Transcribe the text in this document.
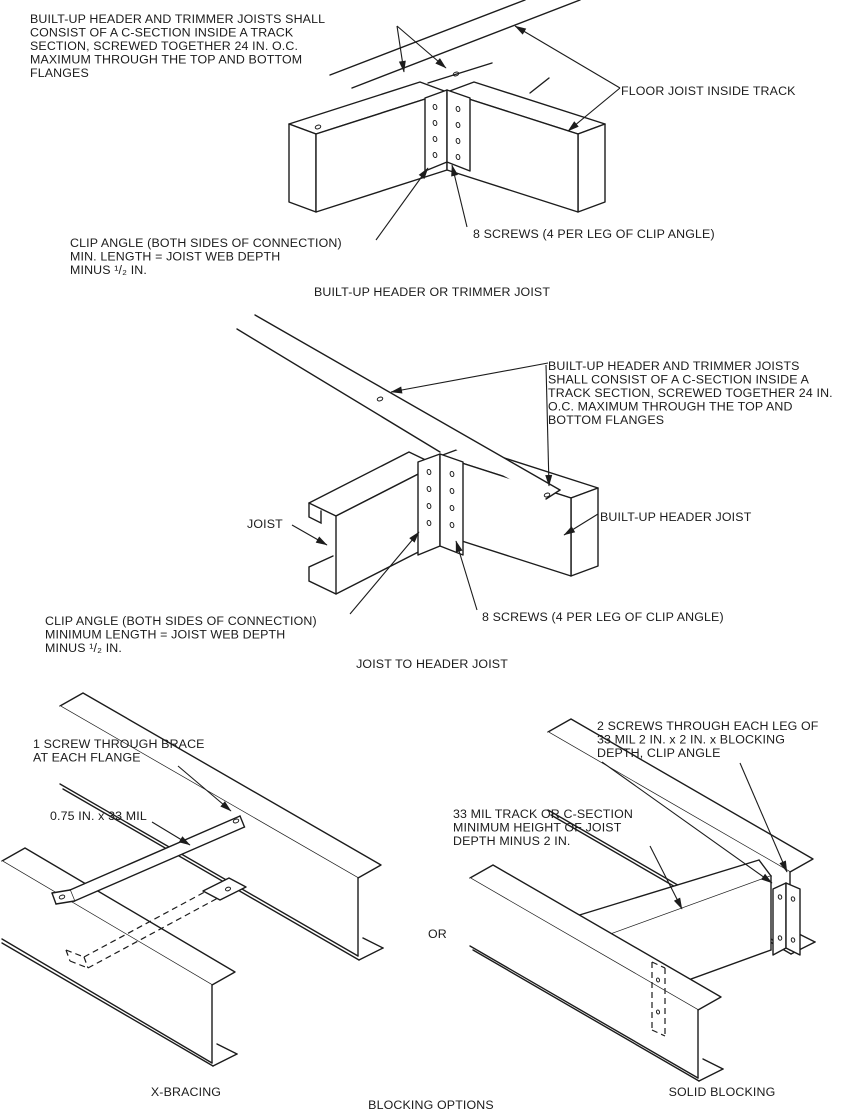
BUILT-UP HEADER AND TRIMMER JOISTS SHALL
CONSIST OF A C-SECTION INSIDE A TRACK
SECTION, SCREWED TOGETHER 24 IN. O.C.
MAXIMUM THROUGH THE TOP AND BOTTOM
FLANGES
FLOOR JOIST INSIDE TRACK
CLIP ANGLE (BOTH SIDES OF CONNECTION)
MIN. LENGTH = JOIST WEB DEPTH
MINUS ¹/₂ IN.
8 SCREWS (4 PER LEG OF CLIP ANGLE)
BUILT-UP HEADER OR TRIMMER JOIST
BUILT-UP HEADER AND TRIMMER JOISTS
SHALL CONSIST OF A C-SECTION INSIDE A
TRACK SECTION, SCREWED TOGETHER 24 IN.
O.C. MAXIMUM THROUGH THE TOP AND
BOTTOM FLANGES
JOIST	BUILT-UP HEADER JOIST
CLIP ANGLE (BOTH SIDES OF CONNECTION)
MINIMUM LENGTH = JOIST WEB DEPTH
MINUS ¹/₂ IN.
8 SCREWS (4 PER LEG OF CLIP ANGLE)
JOIST TO HEADER JOIST
1 SCREW THROUGH BRACE
AT EACH FLANGE
0.75 IN. x 33 MIL
X-BRACING
2 SCREWS THROUGH EACH LEG OF
33 MIL 2 IN. x 2 IN. x BLOCKING
DEPTH, CLIP ANGLE
33 MIL TRACK OR C-SECTION
MINIMUM HEIGHT OF JOIST
DEPTH MINUS 2 IN.
SOLID BLOCKING
OR
BLOCKING OPTIONS
